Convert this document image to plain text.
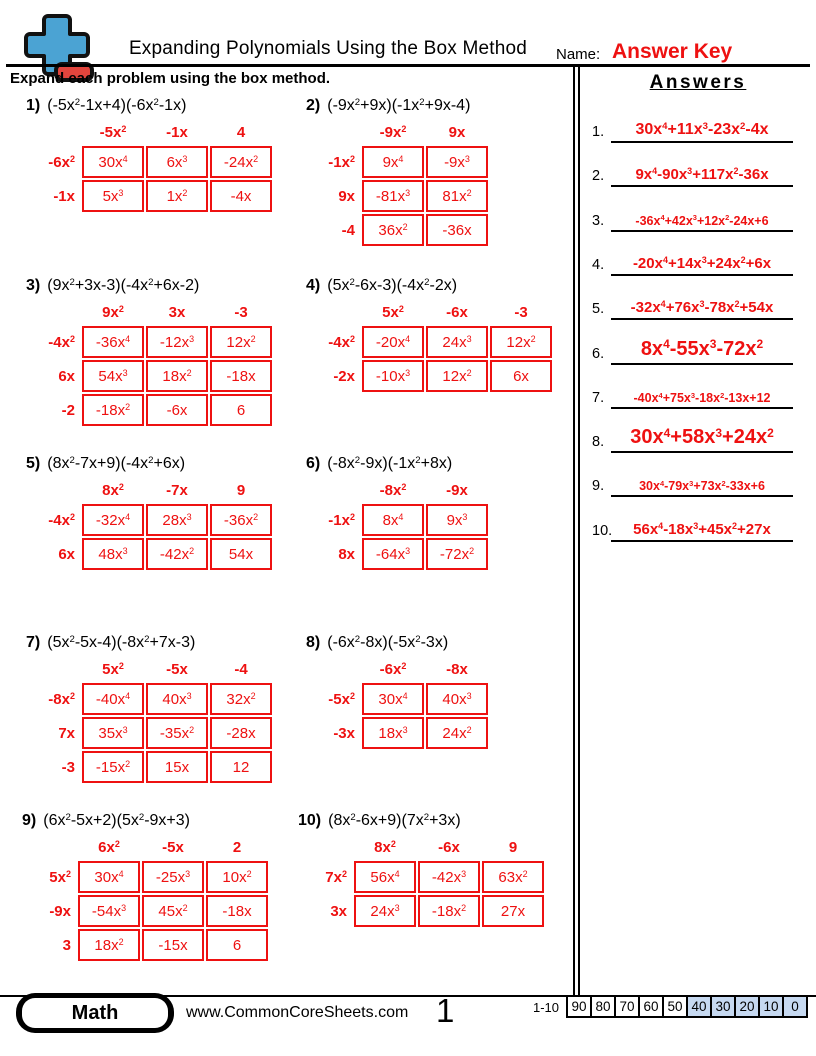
Expanding Polynomials Using the Box Method	Name: Answer Key
Expand each problem using the box method.
1) $(-5x^2-1x+4)(-6x^2-1x)$
	$-5x^2$	-1x	4
$-6x^2$	$30x^4$	$6x^3$	$-24x^2$
-1x	$5x^3$	$1x^2$	-4x
2) $(-9x^2+9x)(-1x^2+9x-4)$
	$-9x^2$	9x
$-1x^2$	$9x^4$	$-9x^3$
9x	$-81x^3$	$81x^2$
-4	$36x^2$	-36x
3) $(9x^2+3x-3)(-4x^2+6x-2)$
	$9x^2$	3x	-3
$-4x^2$	$-36x^4$	$-12x^3$	$12x^2$
6x	$54x^3$	$18x^2$	-18x
-2	$-18x^2$	-6x	6
4) $(5x^2-6x-3)(-4x^2-2x)$
	$5x^2$	-6x	-3
$-4x^2$	$-20x^4$	$24x^3$	$12x^2$
-2x	$-10x^3$	$12x^2$	6x
5) $(8x^2-7x+9)(-4x^2+6x)$
	$8x^2$	-7x	9
$-4x^2$	$-32x^4$	$28x^3$	$-36x^2$
6x	$48x^3$	$-42x^2$	54x
6) $(-8x^2-9x)(-1x^2+8x)$
	$-8x^2$	-9x
$-1x^2$	$8x^4$	$9x^3$
8x	$-64x^3$	$-72x^2$
7) $(5x^2-5x-4)(-8x^2+7x-3)$
	$5x^2$	-5x	-4
$-8x^2$	$-40x^4$	$40x^3$	$32x^2$
7x	$35x^3$	$-35x^2$	-28x
-3	$-15x^2$	15x	12
8) $(-6x^2-8x)(-5x^2-3x)$
	$-6x^2$	-8x
$-5x^2$	$30x^4$	$40x^3$
-3x	$18x^3$	$24x^2$
9) $(6x^2-5x+2)(5x^2-9x+3)$
	$6x^2$	-5x	2
$5x^2$	$30x^4$	$-25x^3$	$10x^2$
-9x	$-54x^3$	$45x^2$	-18x
3	$18x^2$	-15x	6
10) $(8x^2-6x+9)(7x^2+3x)$
	$8x^2$	-6x	9
$7x^2$	$56x^4$	$-42x^3$	$63x^2$
3x	$24x^3$	$-18x^2$	27x
Answers
1.	$30x^4+11x^3-23x^2-4x$
2.	$9x^4-90x^3+117x^2-36x$
3.	$-36x^4+42x^3+12x^2-24x+6$
4.	$-20x^4+14x^3+24x^2+6x$
5.	$-32x^4+76x^3-78x^2+54x$
6.	$8x^4-55x^3-72x^2$
7.	$-40x^4+75x^3-18x^2-13x+12$
8.	$30x^4+58x^3+24x^2$
9.	$30x^4-79x^3+73x^2-33x+6$
10.	$56x^4-18x^3+45x^2+27x$
Math	www.CommonCoreSheets.com 1	1-10 90	80	70	60	50	40	30	20	10	0
